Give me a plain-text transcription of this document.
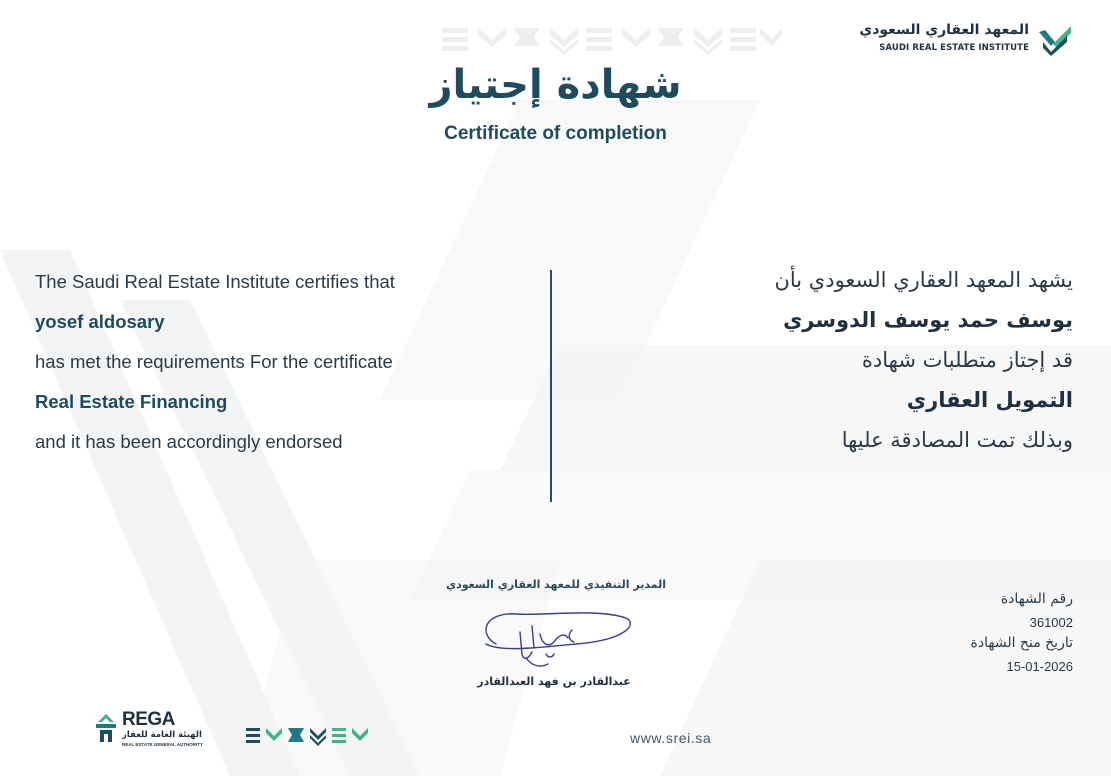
المعهد العقاري السعودي
SAUDI REAL ESTATE INSTITUTE
شهادة إجتياز
Certificate of completion
The Saudi Real Estate Institute certifies that
yosef aldosary
has met the requirements For the certificate
Real Estate Financing
and it has been accordingly endorsed
يشهد المعهد العقاري السعودي بأن
يوسف حمد يوسف الدوسري
قد إجتاز متطلبات شهادة
التمويل العقاري
وبذلك تمت المصادقة عليها
المدير التنفيذي للمعهد العقاري السعودي
عبدالقادر بن فهد العبدالقادر
رقم الشهادة
361002
تاريخ منح الشهادة
15-01-2026
REGA
الهيئة العامة للعقار
REAL ESTATE GENERAL AUTHORITY	www.srei.sa
